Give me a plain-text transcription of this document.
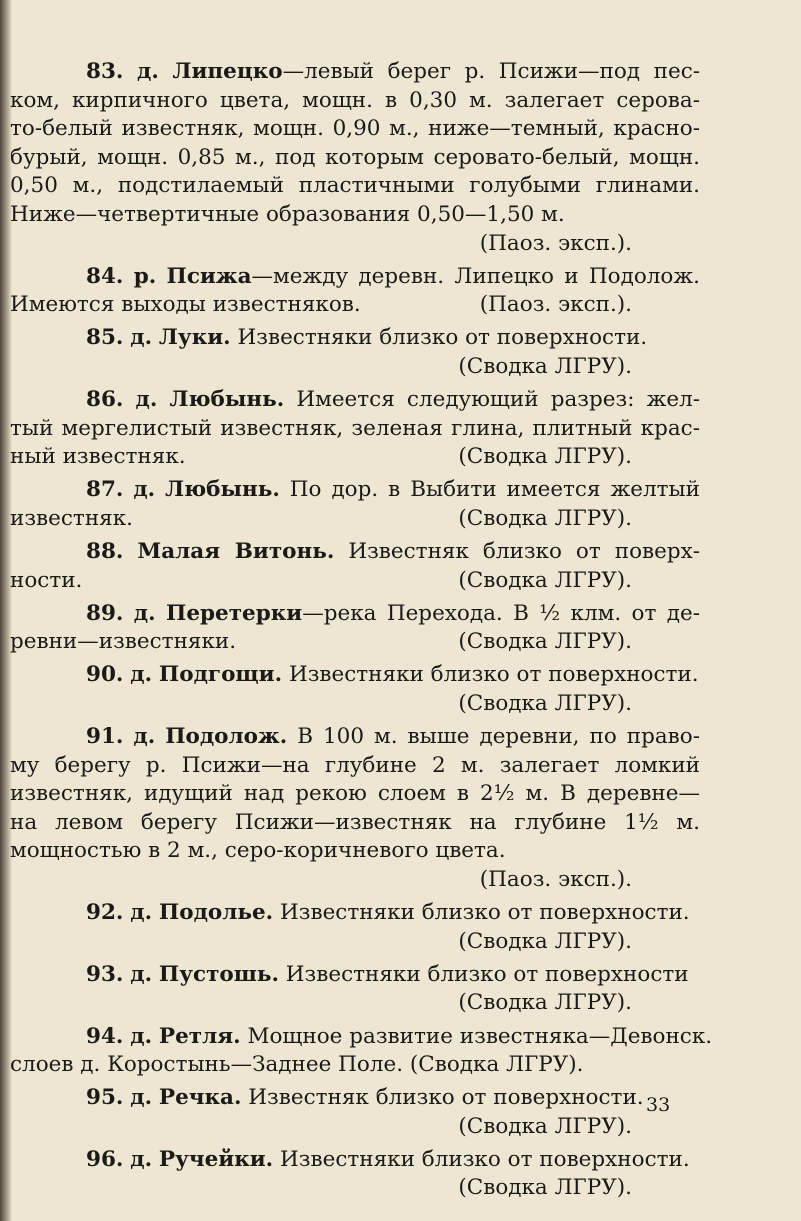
83. д. Липецко—левый берег р. Псижи—под пес-
ком, кирпичного цвета, мощн. в 0,30 м. залегает серова-
то-белый известняк, мощн. 0,90 м., ниже—темный, красно-
бурый, мощн. 0,85 м., под которым серовато-белый, мощн.
0,50 м., подстилаемый пластичными голубыми глинами.
Ниже—четвертичные образования 0,50—1,50 м.
(Паоз. эксп.).
84. р. Псижа—между деревн. Липецко и Подолож.
Имеются выходы известняков.	(Паоз. эксп.).
85. д. Луки. Известняки близко от поверхности.
(Сводка ЛГРУ).
86. д. Любынь. Имеется следующий разрез: жел-
тый мергелистый известняк, зеленая глина, плитный крас-
ный известняк.	(Сводка ЛГРУ).
87. д. Любынь. По дор. в Выбити имеется желтый
известняк.	(Сводка ЛГРУ).
88. Малая Витонь. Известняк близко от поверх-
ности.	(Сводка ЛГРУ).
89. д. Перетерки—река Перехода. В ½ клм. от де-
ревни—известняки.	(Сводка ЛГРУ).
90. д. Подгощи. Известняки близко от поверхности.
(Сводка ЛГРУ).
91. д. Подолож. В 100 м. выше деревни, по право-
му берегу р. Псижи—на глубине 2 м. залегает ломкий
известняк, идущий над рекою слоем в 2½ м. В деревне—
на левом берегу Псижи—известняк на глубине 1½ м.
мощностью в 2 м., серо-коричневого цвета.
(Паоз. эксп.).
92. д. Подолье. Известняки близко от поверхности.
(Сводка ЛГРУ).
93. д. Пустошь. Известняки близко от поверхности
(Сводка ЛГРУ).
94. д. Ретля. Мощное развитие известняка—Девонск.
слоев д. Коростынь—Заднее Поле. (Сводка ЛГРУ).
95. д. Речка. Известняк близко от поверхности.
(Сводка ЛГРУ).
96. д. Ручейки. Известняки близко от поверхности.
(Сводка ЛГРУ).
33
